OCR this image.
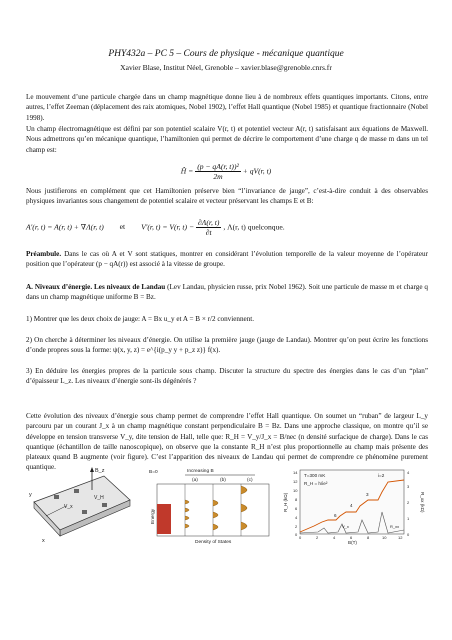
PHY432a – PC 5 – Cours de physique - mécanique quantique
Xavier Blase, Institut Néel, Grenoble – xavier.blase@grenoble.cnrs.fr
Le mouvement d’une particule chargée dans un champ magnétique donne lieu à de nombreux effets quantiques importants. Citons, entre autres, l’effet Zeeman (déplacement des raix atomiques, Nobel 1902), l’effet Hall quantique (Nobel 1985) et quantique fractionnaire (Nobel 1998).
Un champ électromagnétique est défini par son potentiel scalaire V(r, t) et potentiel vecteur A(r, t) satisfaisant aux équations de Maxwell. Nous admettrons qu’en mécanique quantique, l’hamiltonien qui permet de décrire le comportement d’une charge q de masse m dans un tel champ est:
Ĥ = $\frac{\text{(p − qA(r, t))²}}{2m} + qV(r$, t)
Nous justifierons en complément que cet Hamiltonien préserve bien “l’invariance de jauge”, c’est-à-dire conduit à des observables physiques invariantes sous changement de potentiel scalaire et vecteur préservant les champs E et B:
A′(r, t) = A(r, t) + ∇Λ(r, t) et V′(r, t) = V(r, $t) - \frac{\partial\Lambda(r, t)}{\partial t}$ , Λ(r, t) quelconque.
Préambule. Dans le cas où A et V sont statiques, montrer en considérant l’évolution temporelle de la valeur moyenne de l’opérateur position que l’opérateur (p − qA(r)) est associé à la vitesse de groupe.
A. Niveaux d’énergie. Les niveaux de Landau (Lev Landau, physicien russe, prix Nobel 1962). Soit une particule de masse m et charge q dans un champ magnétique uniforme B = Bz.
1) Montrer que les deux choix de jauge: A = Bx u_y et A = B × r/2 conviennent.
2) On cherche à déterminer les niveaux d’énergie. On utilise la première jauge (jauge de Landau). Montrer qu’on peut écrire les fonctions d’onde propres sous la forme: ψ(x, y, z) = e^{i(p_y y + p_z z)} f(x).
3) En déduire les énergies propres de la particule sous champ. Discuter la structure du spectre des énergies dans le cas d’un “plan” d’épaisseur L_z. Les niveaux d’énergie sont-ils dégénérés ?
Cette évolution des niveaux d’énergie sous champ permet de comprendre l’effet Hall quantique. On soumet un “ruban” de largeur L_y parcouru par un courant J_x à un champ magnétique constant perpendiculaire B = Bz. Dans une approche classique, on montre qu’il se développe en tension transverse V_y, dite tension de Hall, telle que: R_H = V_y/J_x = B/nec (n densité surfacique de charge). Dans le cas quantique (échantillon de taille nanoscopique), on observe que la constante R_H n’est plus proportionnelle au champ mais présente des plateaux quand B augmente (voir figure). C’est l’apparition des niveaux de Landau qui permet de comprendre ce phénomène purement quantique.	B_z
y
x
V_x
V_H
B=0	Increasing B
(a)	(b)	(c)
Energy
Density of States
T=300 mK
R_H = h/ie²
i=2
3
4
6
R_H (kΩ)	R_xx (kΩ)
B(T)
14
12
10
8
6
4
2
0
0	2	4	6	8	10	12
0
1
2
3
4
V_x	R_xx
